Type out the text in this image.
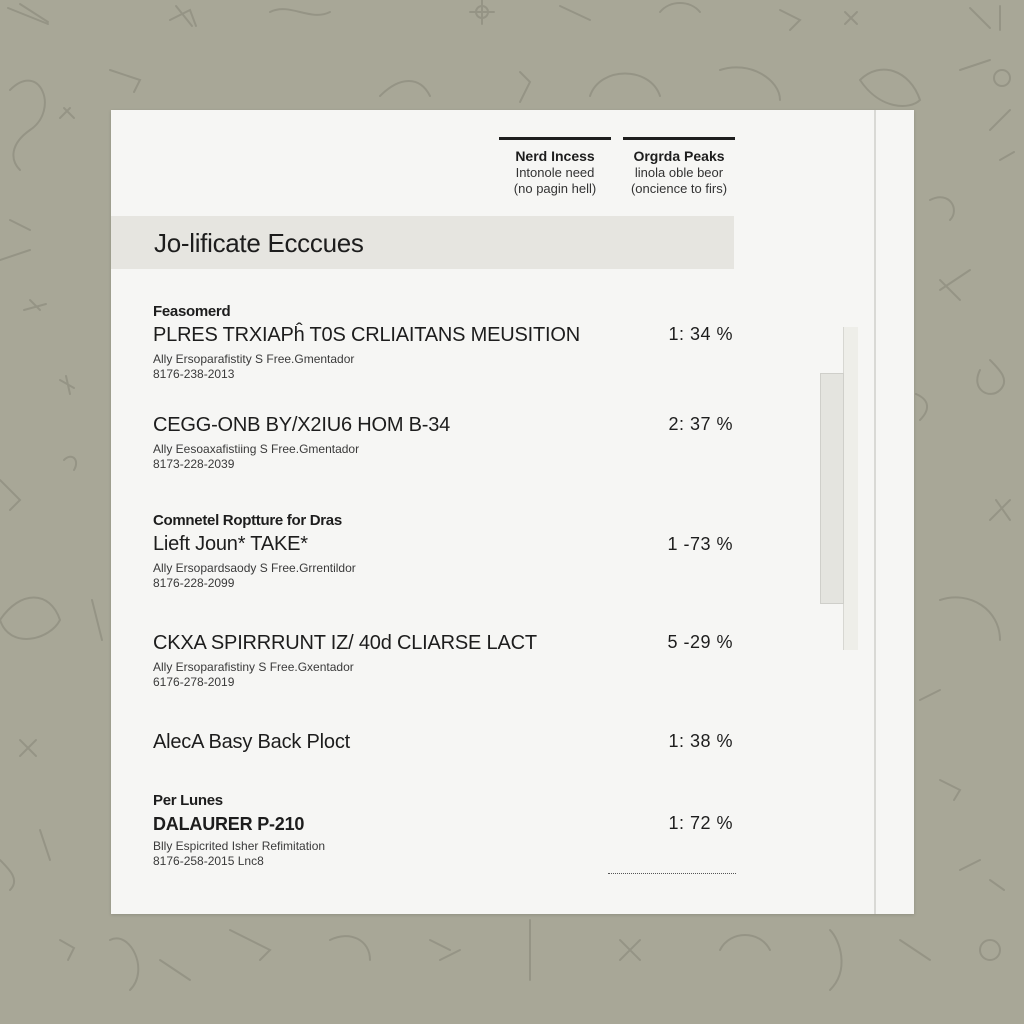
Nerd Incess
Intonole need
(no pagin hell)
Orgrda Peaks
linola oble beor
(oncience to firs)
Jo-lificate Ecccues
Feasomerd
PLRES TRXIAPĥ T0S CRLIAITANS MEUSITION
Ally Ersoparafistity S Free.Gmentador
8176-238-2013
1: 34 %
CEGG-ONB BY/X2IU6 HOM B-34
Ally Eesoaxafistiing S Free.Gmentador
8173-228-2039
2: 37 %
Comnetel Roptture for Dras
Lieft Joun* TAKE*
Ally Ersopardsaody S Free.Grrentildor
8176-228-2099
1 -73 %
CKXA SPIRRRUNT IZ/ 40d CLIARSE LACT
Ally Ersoparafistiny S Free.Gxentador
6176-278-2019
5 -29 %
AlecA Basy Back Ploct	1: 38 %
Per Lunes
DALAURER P-210
Blly Espicrited Isher Refimitation
8176-258-2015 Lnc8
1: 72 %
